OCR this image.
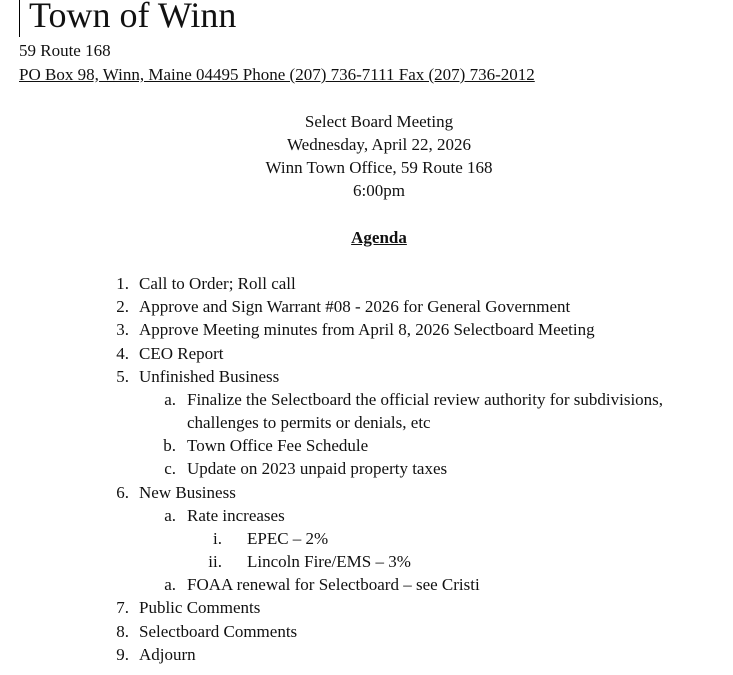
Town of Winn
59 Route 168
PO Box 98, Winn, Maine 04495 Phone (207) 736-7111 Fax (207) 736-2012
Select Board Meeting
Wednesday, April 22, 2026
Winn Town Office, 59 Route 168
6:00pm
Agenda
1. Call to Order; Roll call
2. Approve and Sign Warrant #08 - 2026 for General Government
3. Approve Meeting minutes from April 8, 2026 Selectboard Meeting
4. CEO Report
5. Unfinished Business
a. Finalize the Selectboard the official review authority for subdivisions,
challenges to permits or denials, etc
b. Town Office Fee Schedule
c. Update on 2023 unpaid property taxes
6. New Business
a. Rate increases
i. EPEC – 2%
ii. Lincoln Fire/EMS – 3%
a. FOAA renewal for Selectboard – see Cristi
7. Public Comments
8. Selectboard Comments
9. Adjourn
